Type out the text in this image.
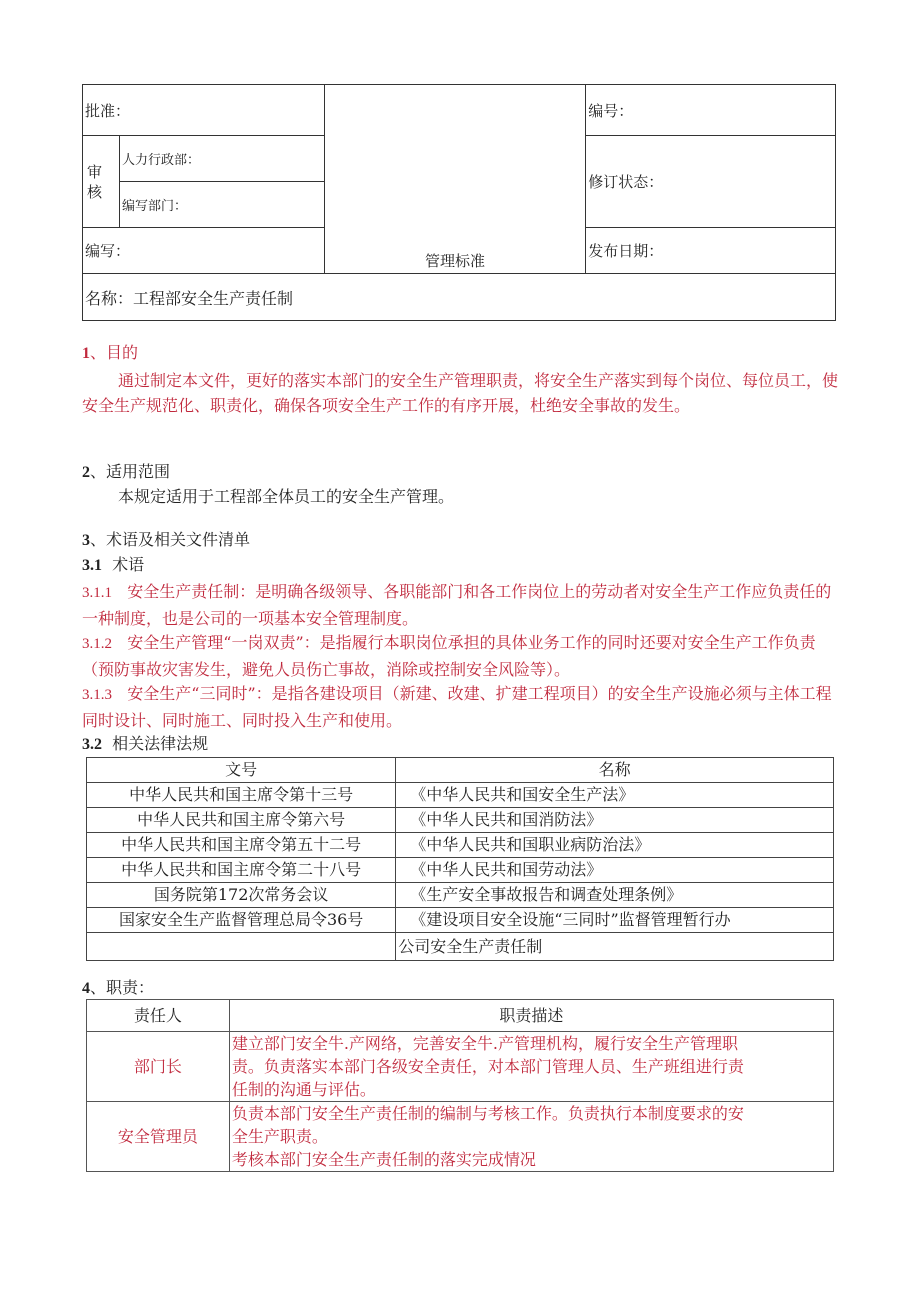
批准：		管理标准	编号：
审核	人力行政部：		修订状态：
	编写部门：		
编写：			发布日期：
名称：工程部安全生产责任制			
1、目的
通过制定本文件，更好的落实本部门的安全生产管理职责，将安全生产落实到每个岗位、每位员工，使安全生产规范化、职责化，确保各项安全生产工作的有序开展，杜绝安全事故的发生。
2、适用范围
本规定适用于工程部全体员工的安全生产管理。
3、术语及相关文件清单
3.1 术语
3.1.1 安全生产责任制：是明确各级领导、各职能部门和各工作岗位上的劳动者对安全生产工作应负责任的一种制度，也是公司的一项基本安全管理制度。
3.1.2 安全生产管理“一岗双责”：是指履行本职岗位承担的具体业务工作的同时还要对安全生产工作负责（预防事故灾害发生，避免人员伤亡事故，消除或控制安全风险等）。
3.1.3 安全生产“三同时”：是指各建设项目（新建、改建、扩建工程项目）的安全生产设施必须与主体工程同时设计、同时施工、同时投入生产和使用。
3.2 相关法律法规
文号	名称
中华人民共和国主席令第十三号	《中华人民共和国安全生产法》
中华人民共和国主席令第六号	《中华人民共和国消防法》
中华人民共和国主席令第五十二号	《中华人民共和国职业病防治法》
中华人民共和国主席令第二十八号	《中华人民共和国劳动法》
国务院第172次常务会议	《生产安全事故报告和调查处理条例》
国家安全生产监督管理总局令36号	《建设项目安全设施“三同时”监督管理暂行办
	公司安全生产责任制
4、职责：
责任人	职责描述
部门长	建立部门安全牛.产网络，完善安全牛.产管理机构，履行安全生产管理职
责。负责落实本部门各级安全责任，对本部门管理人员、生产班组进行责
任制的沟通与评估。

安全管理员	负责本部门安全生产责任制的编制与考核工作。负责执行本制度要求的安
全生产职责。
考核本部门安全生产责任制的落实完成情况
